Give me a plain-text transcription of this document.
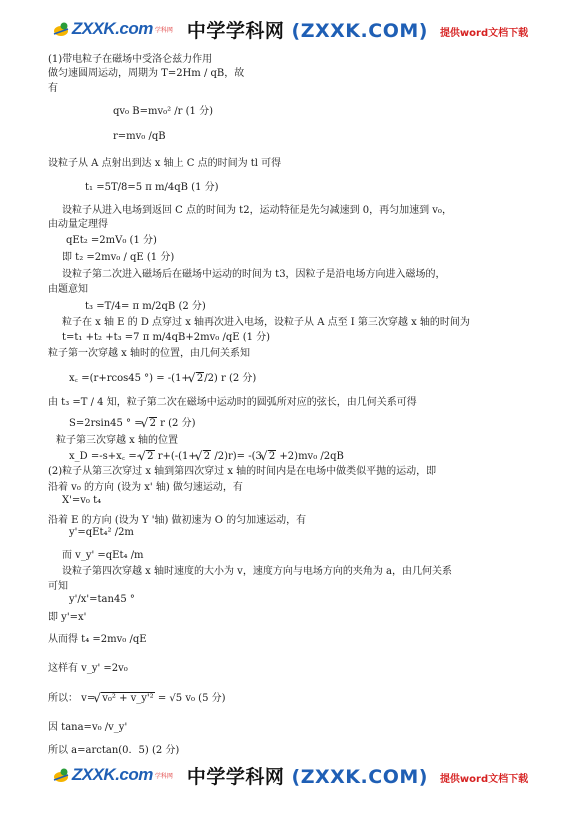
ZXXK.com 学科网 中学学科网 (ZXXK.COM) 提供word文档下载
(1)带电粒子在磁场中受洛仑兹力作用
做匀速圆周运动，周期为 T=2Hm / qB，故
有
qv₀ B=mv₀² /r (1 分)
r=mv₀ /qB
设粒子从 A 点射出到达 x 轴上 C 点的时间为 tl 可得
t₁ =5T/8=5 π m/4qB (1 分)
设粒子从进入电场到返回 C 点的时间为 t2，运动特征是先匀减速到 0，再匀加速到 v₀，
由动量定理得
qEt₂ =2mV₀ (1 分)
即 t₂ =2mv₀ / qE (1 分)
设粒子第二次进入磁场后在磁场中运动的时间为 t3，因粒子是沿电场方向进入磁场的，
由题意知
t₃ =T/4= π m/2qB (2 分)
粒子在 x 轴 E 的 D 点穿过 x 轴再次进入电场，设粒子从 A 点至 I 第三次穿越 x 轴的时间为
t=t₁ +t₂ +t₃ =7 π m/4qB+2mv₀ /qE (1 分)
粒子第一次穿越 x 轴时的位置，由几何关系知
x꜀ =(r+rcos45 °) = -(1+ √ 2/2) r (2 分)
由 t₃ =T / 4 知，粒子第二次在磁场中运动时的圆弧所对应的弦长，由几何关系可得
S=2rsin45 ° = √ 2 r (2 分)
粒子第三次穿越 x 轴的位置
x_D =-s+x꜀ =- √ 2 r+(-(1+ √ 2 /2)r)= -(3 √ 2 +2)mv₀ /2qB
(2)粒子从第三次穿过 x 轴到第四次穿过 x 轴的时间内是在电场中做类似平抛的运动，即
沿着 v₀ 的方向 (设为 x' 轴) 做匀速运动，有
X'=v₀ t₄
沿着 E 的方向 (设为 Y '轴) 做初速为 O 的匀加速运动，有
y'=qEt₄² /2m
而 v_y' =qEt₄ /m
设粒子第四次穿越 x 轴时速度的大小为 v，速度方向与电场方向的夹角为 a，由几何关系
可知
y'/x'=tan45 °
即 y'=x'
从而得 t₄ =2mv₀ /qE
这样有 v_y' =2v₀
所以： v= √ v₀² + v_y'² = √5 v₀ (5 分)
因 tana=v₀ /v_y'
所以 a=arctan(0．5) (2 分)
ZXXK.com 学科网 中学学科网 (ZXXK.COM) 提供word文档下载
